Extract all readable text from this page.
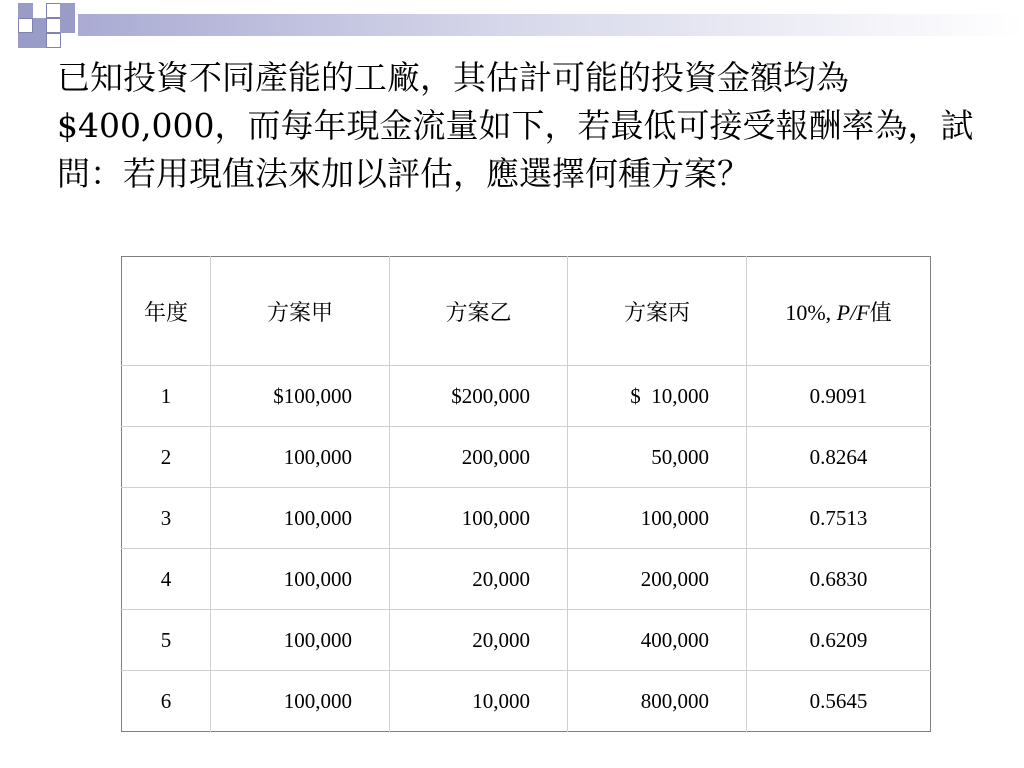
已知投資不同產能的工廠，其估計可能的投資金額均為$400,000，而每年現金流量如下，若最低可接受報酬率為，試問：若用現值法來加以評估，應選擇何種方案？

年度	方案甲	方案乙	方案丙	10%, P/F值
1	$100,000	$200,000	$  10,000	0.9091
2	100,000	200,000	50,000	0.8264
3	100,000	100,000	100,000	0.7513
4	100,000	20,000	200,000	0.6830
5	100,000	20,000	400,000	0.6209
6	100,000	10,000	800,000	0.5645
